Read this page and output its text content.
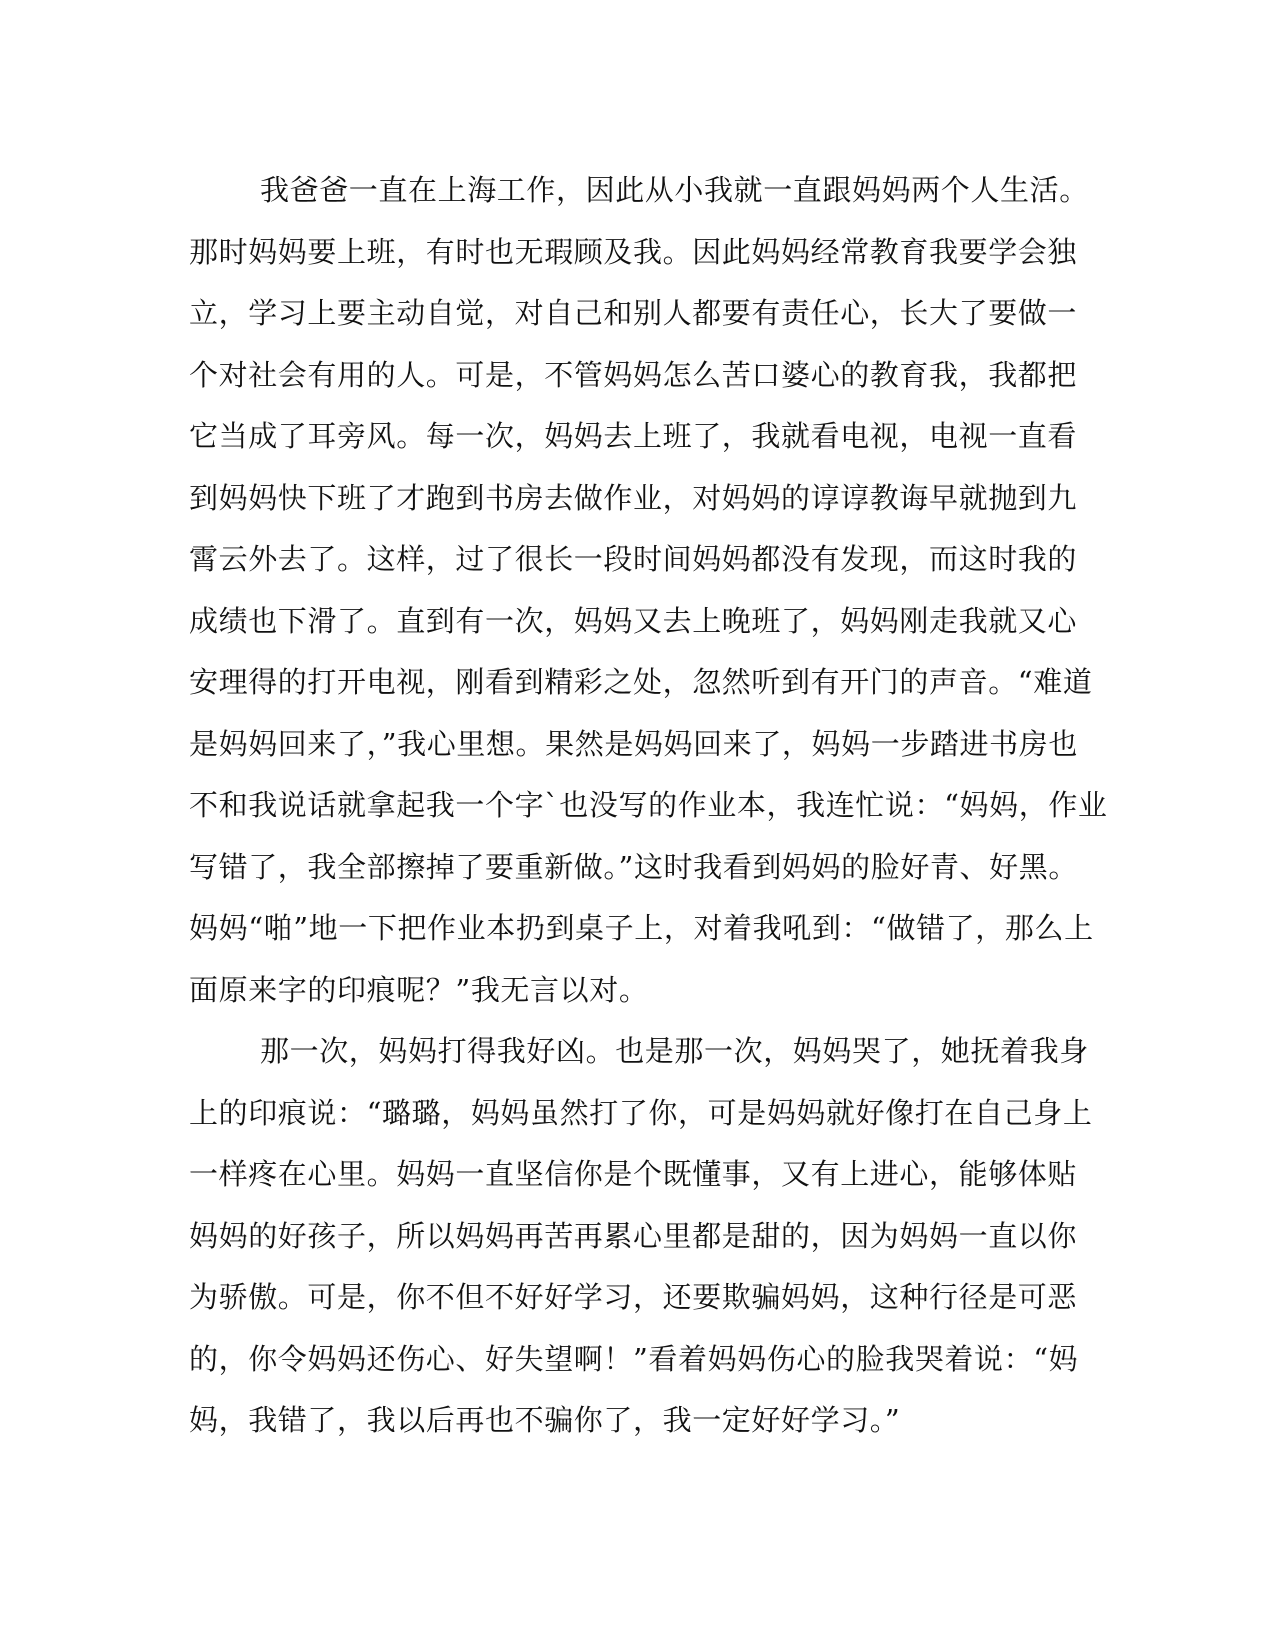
我爸爸一直在上海工作，因此从小我就一直跟妈妈两个人生活。
那时妈妈要上班，有时也无瑕顾及我。因此妈妈经常教育我要学会独
立，学习上要主动自觉，对自己和别人都要有责任心，长大了要做一
个对社会有用的人。可是，不管妈妈怎么苦口婆心的教育我，我都把
它当成了耳旁风。每一次，妈妈去上班了，我就看电视，电视一直看
到妈妈快下班了才跑到书房去做作业，对妈妈的谆谆教诲早就抛到九
霄云外去了。这样，过了很长一段时间妈妈都没有发现，而这时我的
成绩也下滑了。直到有一次，妈妈又去上晚班了，妈妈刚走我就又心
安理得的打开电视，刚看到精彩之处，忽然听到有开门的声音。“难道
是妈妈回来了，”我心里想。果然是妈妈回来了，妈妈一步踏进书房也
不和我说话就拿起我一个字`也没写的作业本，我连忙说：“妈妈，作业
写错了，我全部擦掉了要重新做。”这时我看到妈妈的脸好青、好黑。
妈妈“啪”地一下把作业本扔到桌子上，对着我吼到：“做错了，那么上
面原来字的印痕呢？”我无言以对。
那一次，妈妈打得我好凶。也是那一次，妈妈哭了，她抚着我身
上的印痕说：“璐璐，妈妈虽然打了你，可是妈妈就好像打在自己身上
一样疼在心里。妈妈一直坚信你是个既懂事，又有上进心，能够体贴
妈妈的好孩子，所以妈妈再苦再累心里都是甜的，因为妈妈一直以你
为骄傲。可是，你不但不好好学习，还要欺骗妈妈，这种行径是可恶
的，你令妈妈还伤心、好失望啊！”看着妈妈伤心的脸我哭着说：“妈
妈，我错了，我以后再也不骗你了，我一定好好学习。”
